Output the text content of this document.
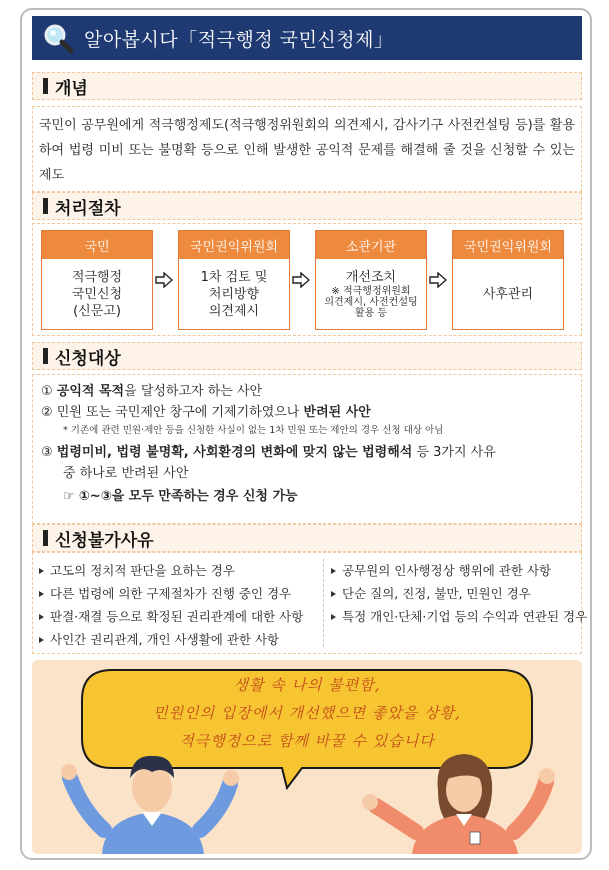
알아봅시다「적극행정 국민신청제」
개념
국민이 공무원에게 적극행정제도(적극행정위원회의 의견제시, 감사기구 사전컨설팅 등)를 활용하여 법령 미비 또는 불명확 등으로 인해 발생한 공익적 문제를 해결해 줄 것을 신청할 수 있는 제도
처리절차
국민
적극행정
국민신청
(신문고)
국민권익위원회
1차 검토 및
처리방향
의견제시
소관기관
개선조치
※ 적극행정위원회
의견제시, 사전컨설팅
활용 등
국민권익위원회
사후관리
신청대상
① 공익적 목적을 달성하고자 하는 사안
② 민원 또는 국민제안 창구에 기제기하였으나 반려된 사안
* 기존에 관련 민원·제안 등을 신청한 사실이 없는 1차 민원 또는 제안의 경우 신청 대상 아님
③ 법령미비, 법령 불명확, 사회환경의 변화에 맞지 않는 법령해석 등 3가지 사유
중 하나로 반려된 사안
☞ ①~③을 모두 만족하는 경우 신청 가능
신청불가사유
고도의 정치적 판단을 요하는 경우
다른 법령에 의한 구제절차가 진행 중인 경우
판결·재결 등으로 확정된 권리관계에 대한 사항
사인간 권리관계, 개인 사생활에 관한 사항
공무원의 인사행정상 행위에 관한 사항
단순 질의, 진정, 불만, 민원인 경우
특정 개인·단체·기업 등의 수익과 연관된 경우
생활 속 나의 불편함,
민원인의 입장에서 개선했으면 좋았을 상황,
적극행정으로 함께 바꿀 수 있습니다
